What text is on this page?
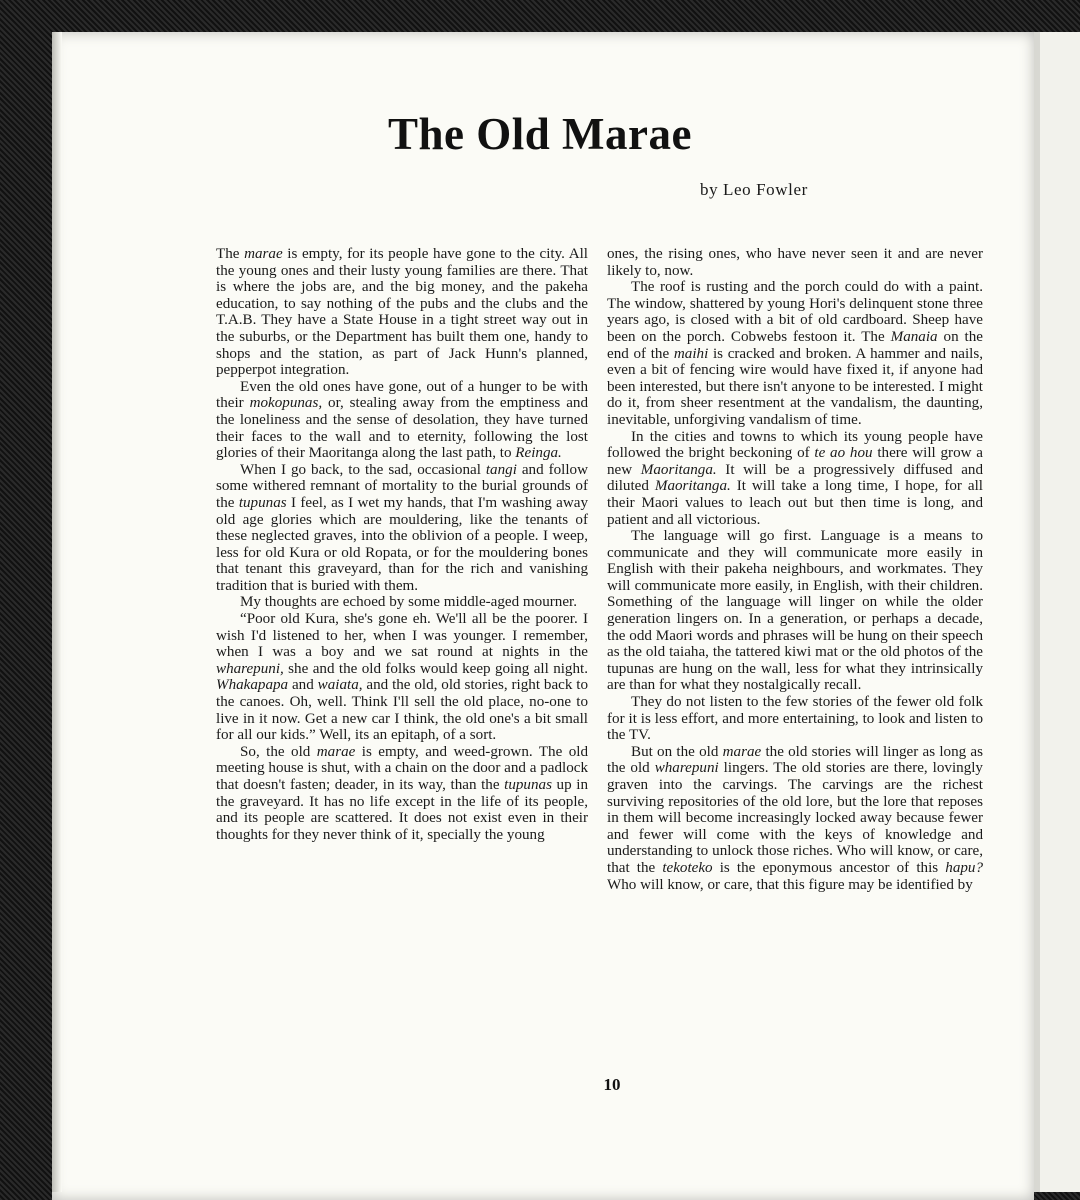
The Old Marae
by Leo Fowler

The marae is empty, for its people have gone to the city. All the young ones and their lusty young families are there. That is where the jobs are, and the big money, and the pakeha education, to say nothing of the pubs and the clubs and the T.A.B. They have a State House in a tight street way out in the suburbs, or the Department has built them one, handy to shops and the station, as part of Jack Hunn's planned, pepperpot integration.

Even the old ones have gone, out of a hunger to be with their mokopunas, or, stealing away from the emptiness and the loneliness and the sense of desolation, they have turned their faces to the wall and to eternity, following the lost glories of their Maoritanga along the last path, to Reinga.

When I go back, to the sad, occasional tangi and follow some withered remnant of mortality to the burial grounds of the tupunas I feel, as I wet my hands, that I'm washing away old age glories which are mouldering, like the tenants of these neglected graves, into the oblivion of a people. I weep, less for old Kura or old Ropata, or for the mouldering bones that tenant this graveyard, than for the rich and vanishing tradition that is buried with them.

My thoughts are echoed by some middle-aged mourner.

“Poor old Kura, she's gone eh. We'll all be the poorer. I wish I'd listened to her, when I was younger. I remember, when I was a boy and we sat round at nights in the wharepuni, she and the old folks would keep going all night. Whakapapa and waiata, and the old, old stories, right back to the canoes. Oh, well. Think I'll sell the old place, no-one to live in it now. Get a new car I think, the old one's a bit small for all our kids.” Well, its an epitaph, of a sort.

So, the old marae is empty, and weed-grown. The old meeting house is shut, with a chain on the door and a padlock that doesn't fasten; deader, in its way, than the tupunas up in the graveyard. It has no life except in the life of its people, and its people are scattered. It does not exist even in their thoughts for they never think of it, specially the young

ones, the rising ones, who have never seen it and are never likely to, now.

The roof is rusting and the porch could do with a paint. The window, shattered by young Hori's delinquent stone three years ago, is closed with a bit of old cardboard. Sheep have been on the porch. Cobwebs festoon it. The Manaia on the end of the maihi is cracked and broken. A hammer and nails, even a bit of fencing wire would have fixed it, if anyone had been interested, but there isn't anyone to be interested. I might do it, from sheer resentment at the vandalism, the daunting, inevitable, unforgiving vandalism of time.

In the cities and towns to which its young people have followed the bright beckoning of te ao hou there will grow a new Maoritanga. It will be a progressively diffused and diluted Maoritanga. It will take a long time, I hope, for all their Maori values to leach out but then time is long, and patient and all victorious.

The language will go first. Language is a means to communicate and they will communicate more easily in English with their pakeha neighbours, and workmates. They will communicate more easily, in English, with their children. Something of the language will linger on while the older generation lingers on. In a generation, or perhaps a decade, the odd Maori words and phrases will be hung on their speech as the old taiaha, the tattered kiwi mat or the old photos of the tupunas are hung on the wall, less for what they intrinsically are than for what they nostalgically recall.

They do not listen to the few stories of the fewer old folk for it is less effort, and more entertaining, to look and listen to the TV.

But on the old marae the old stories will linger as long as the old wharepuni lingers. The old stories are there, lovingly graven into the carvings. The carvings are the richest surviving repositories of the old lore, but the lore that reposes in them will become increasingly locked away because fewer and fewer will come with the keys of knowledge and understanding to unlock those riches. Who will know, or care, that the tekoteko is the eponymous ancestor of this hapu? Who will know, or care, that this figure may be identified by

10
